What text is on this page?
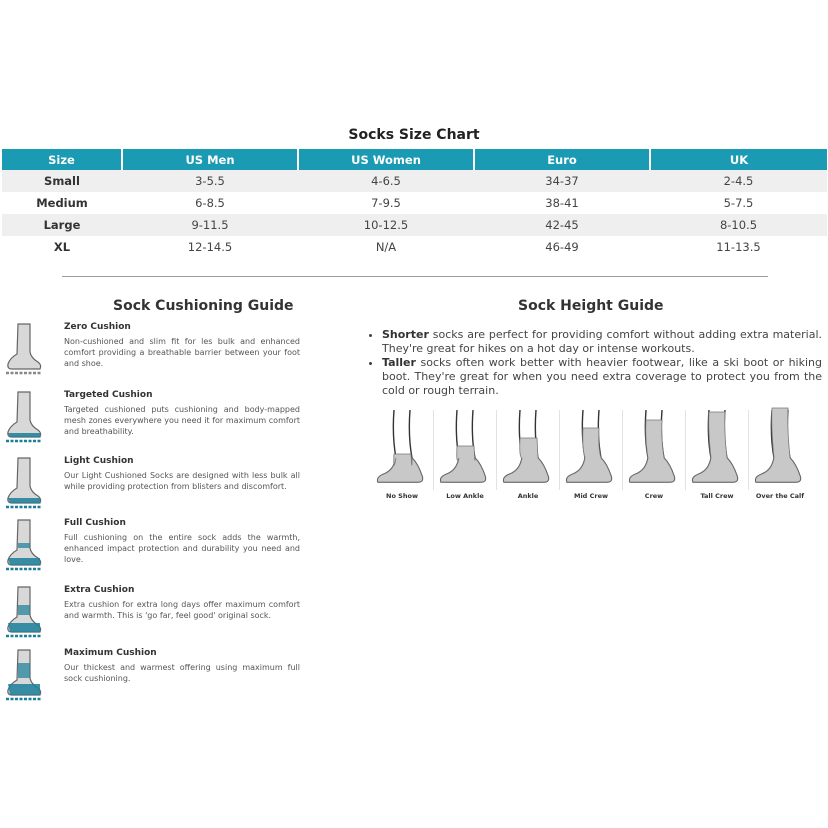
Socks Size Chart
Size	US Men	US Women	Euro	UK
Small	3-5.5	4-6.5	34-37	2-4.5
Medium	6-8.5	7-9.5	38-41	5-7.5
Large	9-11.5	10-12.5	42-45	8-10.5
XL	12-14.5	N/A	46-49	11-13.5
Sock Cushioning Guide
Zero Cushion
Non-cushioned and slim fit for les bulk and enhanced comfort providing a breathable barrier between your foot and shoe.
Targeted Cushion
Targeted cushioned puts cushioning and body-mapped mesh zones everywhere you need it for maximum comfort and breathability.
Light Cushion
Our Light Cushioned Socks are designed with less bulk all while providing protection from blisters and discomfort.
Full Cushion
Full cushioning on the entire sock adds the warmth, enhanced impact protection and durability you need and love.
Extra Cushion
Extra cushion for extra long days offer maximum comfort and warmth. This is 'go far, feel good' original sock.
Maximum Cushion
Our thickest and warmest offering using maximum full sock cushioning.
Sock Height Guide
• Shorter socks are perfect for providing comfort without adding extra material. They're great for hikes on a hot day or intense workouts.
• Taller socks often work better with heavier footwear, like a ski boot or hiking boot. They're great for when you need extra coverage to protect you from the cold or rough terrain.
No Show	Low Ankle	Ankle	Mid Crew	Crew	Tall Crew	Over the Calf
